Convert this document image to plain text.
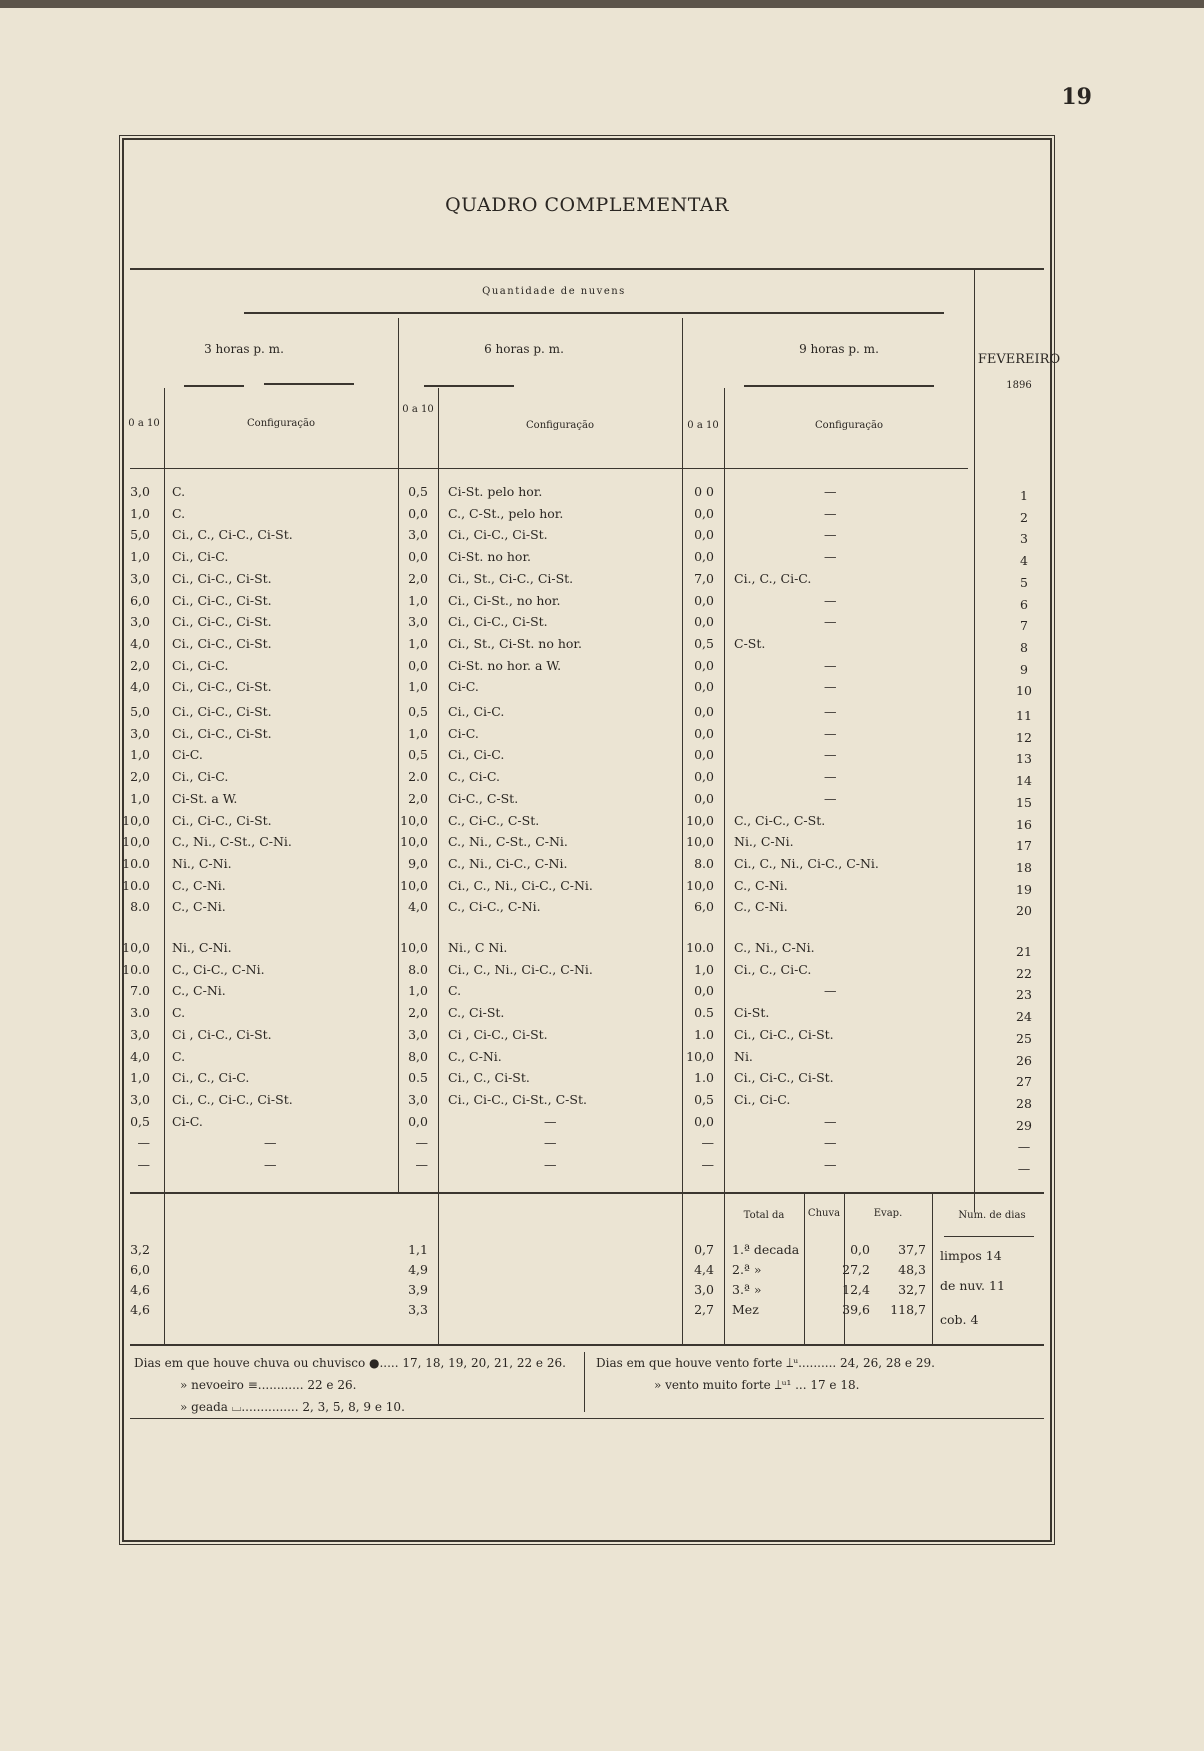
19
QUADRO COMPLEMENTAR
Quantidade de nuvens
3 horas p. m.	6 horas p. m.	9 horas p. m.
FEVEREIRO
1896
0 a 10	Configuração
0 a 10
Configuração	0 a 10	Configuração
3,0 C.	0,5 Ci-St. pelo hor.	0 0	—	1
1,0 C.	0,0 C., C-St., pelo hor.	0,0	—	2
5,0 Ci., C., Ci-C., Ci-St.	3,0 Ci., Ci-C., Ci-St.	0,0	—	3
1,0 Ci., Ci-C.	0,0 Ci-St. no hor.	0,0	—	4
3,0 Ci., Ci-C., Ci-St.	2,0 Ci., St., Ci-C., Ci-St.	7,0 Ci., C., Ci-C.	5
6,0 Ci., Ci-C., Ci-St.	1,0 Ci., Ci-St., no hor.	0,0	—	6
3,0 Ci., Ci-C., Ci-St.	3,0 Ci., Ci-C., Ci-St.	0,0	—	7
4,0 Ci., Ci-C., Ci-St.	1,0 Ci., St., Ci-St. no hor.	0,5 C-St.	8
2,0 Ci., Ci-C.	0,0 Ci-St. no hor. a W.	0,0	—	9
4,0 Ci., Ci-C., Ci-St.	1,0 Ci-C.	0,0	—	10
5,0 Ci., Ci-C., Ci-St.	0,5 Ci., Ci-C.	0,0	—	11
3,0 Ci., Ci-C., Ci-St.	1,0 Ci-C.	0,0	—	12
1,0 Ci-C.	0,5 Ci., Ci-C.	0,0	—	13
2,0 Ci., Ci-C.	2.0 C., Ci-C.	0,0	—	14
1,0 Ci-St. a W.	2,0 Ci-C., C-St.	0,0	—	15
10,0 Ci., Ci-C., Ci-St.	10,0 C., Ci-C., C-St.	10,0 C., Ci-C., C-St.	16
10,0 C., Ni., C-St., C-Ni.	10,0 C., Ni., C-St., C-Ni.	10,0 Ni., C-Ni.	17
10.0 Ni., C-Ni.	9,0 C., Ni., Ci-C., C-Ni.	8.0 Ci., C., Ni., Ci-C., C-Ni.	18
10.0 C., C-Ni.	10,0 Ci., C., Ni., Ci-C., C-Ni.	10,0 C., C-Ni.	19
8.0 C., C-Ni.	4,0 C., Ci-C., C-Ni.	6,0 C., C-Ni.	20
10,0 Ni., C-Ni.	10,0 Ni., C Ni.	10.0 C., Ni., C-Ni.	21
10.0 C., Ci-C., C-Ni.	8.0 Ci., C., Ni., Ci-C., C-Ni.	1,0 Ci., C., Ci-C.	22
7.0 C., C-Ni.	1,0 C.	0,0	—	23
3.0 C.	2,0 C., Ci-St.	0.5 Ci-St.	24
3,0 Ci , Ci-C., Ci-St.	3,0 Ci , Ci-C., Ci-St.	1.0 Ci., Ci-C., Ci-St.	25
4,0 C.	8,0 C., C-Ni.	10,0 Ni.	26
1,0 Ci., C., Ci-C.	0.5 Ci., C., Ci-St.	1.0 Ci., Ci-C., Ci-St.	27
3,0 Ci., C., Ci-C., Ci-St.	3,0 Ci., Ci-C., Ci-St., C-St.	0,5 Ci., Ci-C.	28
0,5 Ci-C.	0,0	—	0,0	—	29
—	—	—	—	—	—	—
—	—	—	—	—	—	—
Total da	Chuva	Evap.	Num. de dias
3,2	1,1	0,7 1.ª decada	0,0	37,7
6,0	4,9	4,4 2.ª »	27,2	48,3
4,6	3,9	3,0 3.ª »	12,4	32,7
4,6	3,3	2,7 Mez	39,6	118,7
limpos 14
de nuv. 11
cob. 4
Dias em que houve chuva ou chuvisco ●..... 17, 18, 19, 20, 21, 22 e 26.
» nevoeiro ≡............ 22 e 26.
» geada ⌴............... 2, 3, 5, 8, 9 e 10.
Dias em que houve vento forte ⟘ᵘ.......... 24, 26, 28 e 29.
» vento muito forte ⟘ᵘ¹ ... 17 e 18.
